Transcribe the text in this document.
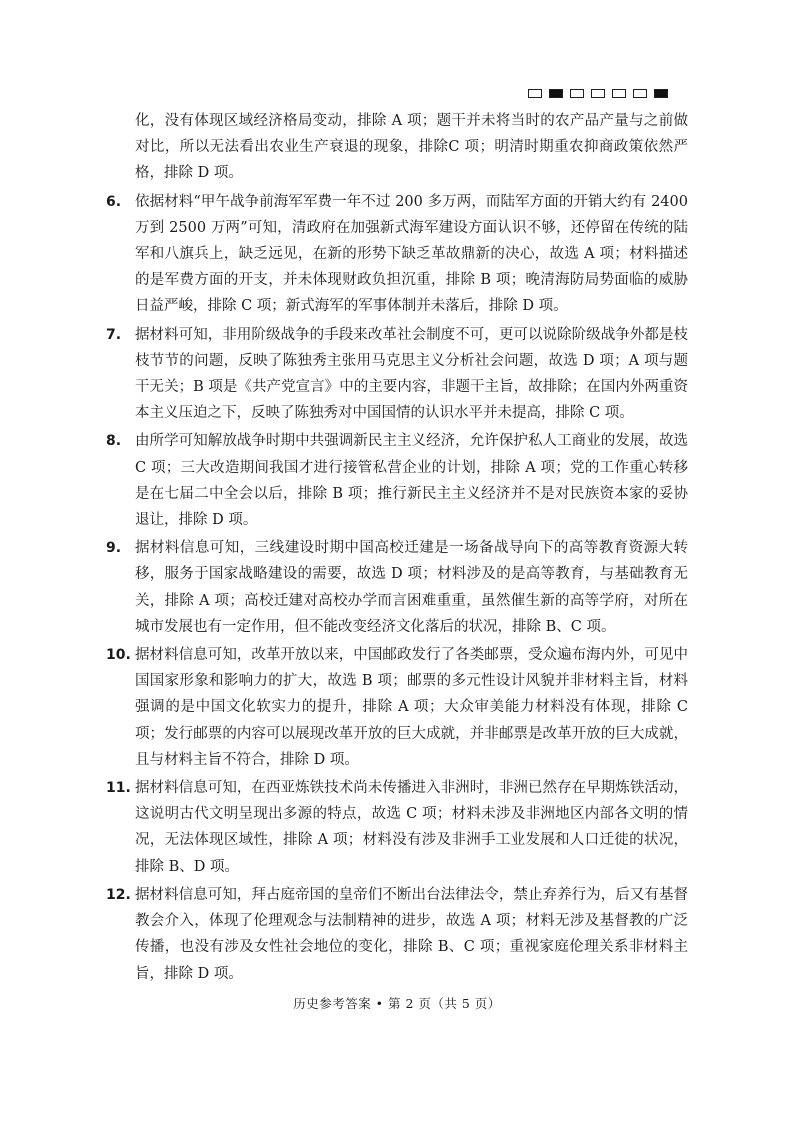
化，没有体现区域经济格局变动，排除 A 项；题干并未将当时的农产品产量与之前做对比，所以无法看出农业生产衰退的现象，排除C 项；明清时期重农抑商政策依然严格，排除 D 项。

6. 依据材料“甲午战争前海军军费一年不过 200 多万两，而陆军方面的开销大约有 2400 万到 2500 万两”可知，清政府在加强新式海军建设方面认识不够，还停留在传统的陆军和八旗兵上，缺乏远见，在新的形势下缺乏革故鼎新的决心，故选 A 项；材料描述的是军费方面的开支，并未体现财政负担沉重，排除 B 项；晚清海防局势面临的威胁日益严峻，排除 C 项；新式海军的军事体制并未落后，排除 D 项。

7. 据材料可知，非用阶级战争的手段来改革社会制度不可，更可以说除阶级战争外都是枝枝节节的问题，反映了陈独秀主张用马克思主义分析社会问题，故选 D 项；A 项与题干无关；B 项是《共产党宣言》中的主要内容，非题干主旨，故排除；在国内外两重资本主义压迫之下，反映了陈独秀对中国国情的认识水平并未提高，排除 C 项。

8. 由所学可知解放战争时期中共强调新民主主义经济，允许保护私人工商业的发展，故选 C 项；三大改造期间我国才进行接管私营企业的计划，排除 A 项；党的工作重心转移是在七届二中全会以后，排除 B 项；推行新民主主义经济并不是对民族资本家的妥协退让，排除 D 项。

9. 据材料信息可知，三线建设时期中国高校迁建是一场备战导向下的高等教育资源大转移，服务于国家战略建设的需要，故选 D 项；材料涉及的是高等教育，与基础教育无关，排除 A 项；高校迁建对高校办学而言困难重重，虽然催生新的高等学府，对所在城市发展也有一定作用，但不能改变经济文化落后的状况，排除 B、C 项。

10. 据材料信息可知，改革开放以来，中国邮政发行了各类邮票，受众遍布海内外，可见中国国家形象和影响力的扩大，故选 B 项；邮票的多元性设计风貌并非材料主旨，材料强调的是中国文化软实力的提升，排除 A 项；大众审美能力材料没有体现，排除 C 项；发行邮票的内容可以展现改革开放的巨大成就，并非邮票是改革开放的巨大成就，且与材料主旨不符合，排除 D 项。

11. 据材料信息可知，在西亚炼铁技术尚未传播进入非洲时，非洲已然存在早期炼铁活动，这说明古代文明呈现出多源的特点，故选 C 项；材料未涉及非洲地区内部各文明的情况，无法体现区域性，排除 A 项；材料没有涉及非洲手工业发展和人口迁徙的状况，排除 B、D 项。

12. 据材料信息可知，拜占庭帝国的皇帝们不断出台法律法令，禁止弃养行为，后又有基督教会介入，体现了伦理观念与法制精神的进步，故选 A 项；材料无涉及基督教的广泛传播，也没有涉及女性社会地位的变化，排除 B、C 项；重视家庭伦理关系非材料主旨，排除 D 项。

历史参考答案 • 第 2 页（共 5 页）
